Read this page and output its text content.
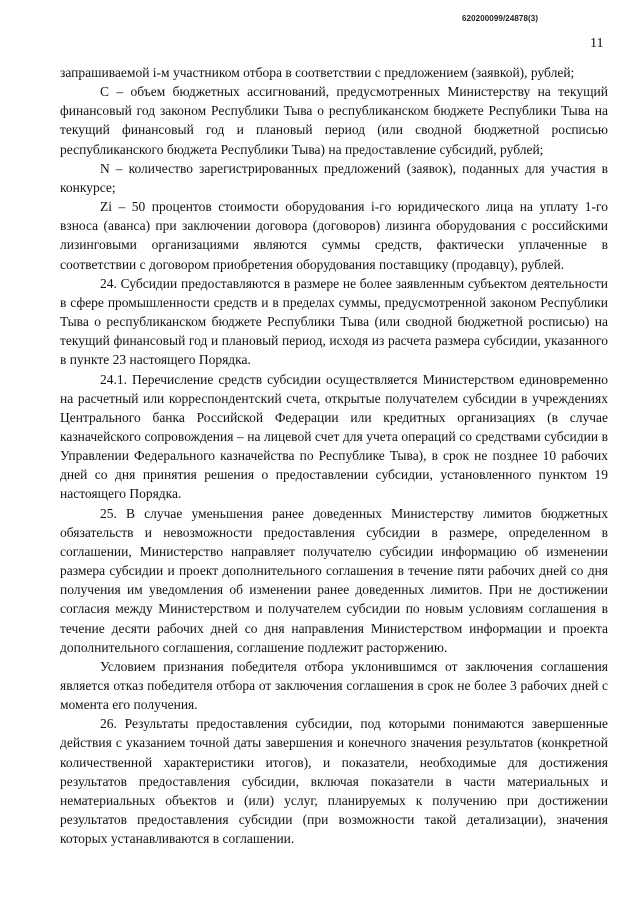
620200099/24878(3)
11

запрашиваемой i-м участником отбора в соответствии с предложением (заявкой), рублей;

С – объем бюджетных ассигнований, предусмотренных Министерству на текущий финансовый год законом Республики Тыва о республиканском бюджете Республики Тыва на текущий финансовый год и плановый период (или сводной бюджетной росписью республиканского бюджета Республики Тыва) на предоставление субсидий, рублей;

N – количество зарегистрированных предложений (заявок), поданных для участия в конкурсе;

Zi – 50 процентов стоимости оборудования i-го юридического лица на уплату 1-го взноса (аванса) при заключении договора (договоров) лизинга оборудования с российскими лизинговыми организациями являются суммы средств, фактически уплаченные в соответствии с договором приобретения оборудования поставщику (продавцу), рублей.

24. Субсидии предоставляются в размере не более заявленным субъектом деятельности в сфере промышленности средств и в пределах суммы, предусмотренной законом Республики Тыва о республиканском бюджете Республики Тыва (или сводной бюджетной росписью) на текущий финансовый год и плановый период, исходя из расчета размера субсидии, указанного в пункте 23 настоящего Порядка.

24.1. Перечисление средств субсидии осуществляется Министерством единовременно на расчетный или корреспондентский счета, открытые получателем субсидии в учреждениях Центрального банка Российской Федерации или кредитных организациях (в случае казначейского сопровождения – на лицевой счет для учета операций со средствами субсидии в Управлении Федерального казначейства по Республике Тыва), в срок не позднее 10 рабочих дней со дня принятия решения о предоставлении субсидии, установленного пунктом 19 настоящего Порядка.

25. В случае уменьшения ранее доведенных Министерству лимитов бюджетных обязательств и невозможности предоставления субсидии в размере, определенном в соглашении, Министерство направляет получателю субсидии информацию об изменении размера субсидии и проект дополнительного соглашения в течение пяти рабочих дней со дня получения им уведомления об изменении ранее доведенных лимитов. При не достижении согласия между Министерством и получателем субсидии по новым условиям соглашения в течение десяти рабочих дней со дня направления Министерством информации и проекта дополнительного соглашения, соглашение подлежит расторжению.

Условием признания победителя отбора уклонившимся от заключения соглашения является отказ победителя отбора от заключения соглашения в срок не более 3 рабочих дней с момента его получения.

26. Результаты предоставления субсидии, под которыми понимаются завершенные действия с указанием точной даты завершения и конечного значения результатов (конкретной количественной характеристики итогов), и показатели, необходимые для достижения результатов предоставления субсидии, включая показатели в части материальных и нематериальных объектов и (или) услуг, планируемых к получению при достижении результатов предоставления субсидии (при возможности такой детализации), значения которых устанавливаются в соглашении.
